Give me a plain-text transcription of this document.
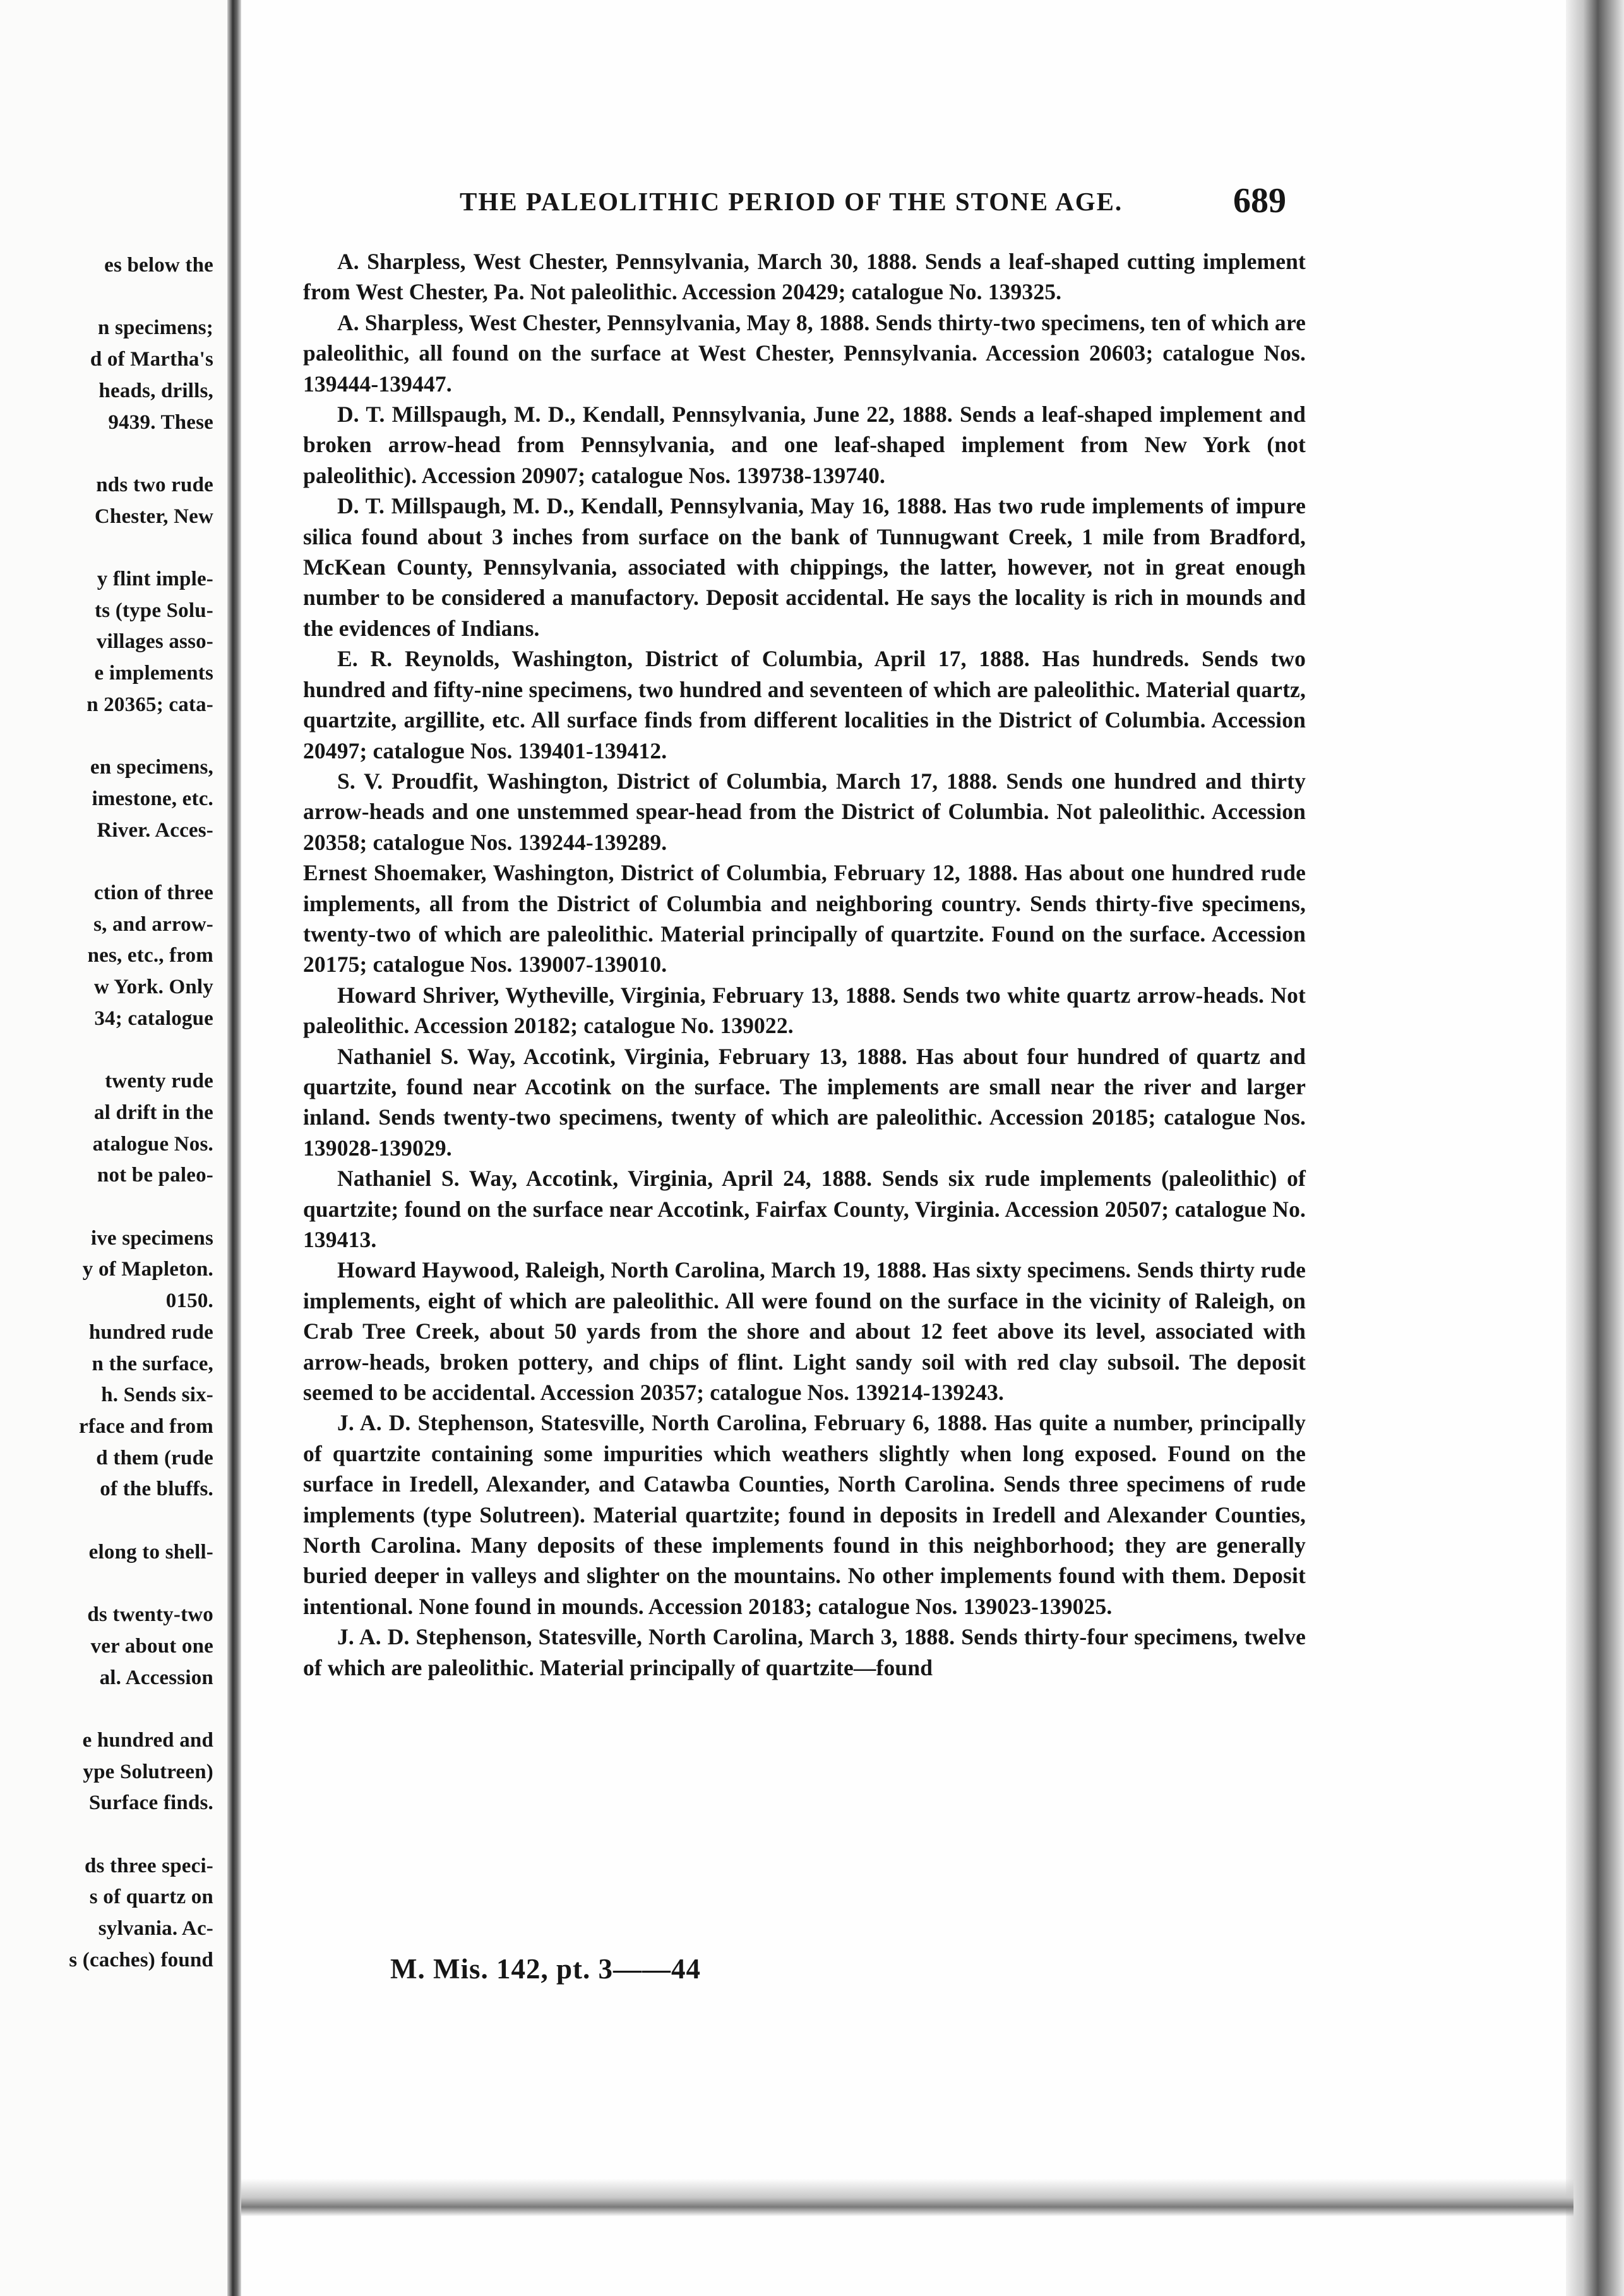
es below the
n specimens;
d of Martha's
heads, drills,
9439. These
nds two rude
Chester, New
y flint imple-
ts (type Solu-
villages asso-
e implements
n 20365; cata-
en specimens,
imestone, etc.
River. Acces-
ction of three
s, and arrow-
nes, etc., from
w York. Only
34; catalogue
twenty rude
al drift in the
atalogue Nos.
not be paleo-
ive specimens
y of Mapleton.
0150.
hundred rude
n the surface,
h. Sends six-
rface and from
d them (rude
of the bluffs.
elong to shell-
ds twenty-two
ver about one
al. Accession
e hundred and
ype Solutreen)
Surface finds.
ds three speci-
s of quartz on
sylvania. Ac-
s (caches) found
THE PALEOLITHIC PERIOD OF THE STONE AGE.	689

A. Sharpless, West Chester, Pennsylvania, March 30, 1888. Sends a leaf-shaped cutting implement from West Chester, Pa. Not paleolithic. Accession 20429; catalogue No. 139325.

A. Sharpless, West Chester, Pennsylvania, May 8, 1888. Sends thirty-two specimens, ten of which are paleolithic, all found on the surface at West Chester, Pennsylvania. Accession 20603; catalogue Nos. 139444-139447.

D. T. Millspaugh, M. D., Kendall, Pennsylvania, June 22, 1888. Sends a leaf-shaped implement and broken arrow-head from Pennsylvania, and one leaf-shaped implement from New York (not paleolithic). Accession 20907; catalogue Nos. 139738-139740.

D. T. Millspaugh, M. D., Kendall, Pennsylvania, May 16, 1888. Has two rude implements of impure silica found about 3 inches from surface on the bank of Tunnugwant Creek, 1 mile from Bradford, McKean County, Pennsylvania, associated with chippings, the latter, however, not in great enough number to be considered a manufactory. Deposit accidental. He says the locality is rich in mounds and the evidences of Indians.

E. R. Reynolds, Washington, District of Columbia, April 17, 1888. Has hundreds. Sends two hundred and fifty-nine specimens, two hundred and seventeen of which are paleolithic. Material quartz, quartzite, argillite, etc. All surface finds from different localities in the District of Columbia. Accession 20497; catalogue Nos. 139401-139412.

S. V. Proudfit, Washington, District of Columbia, March 17, 1888. Sends one hundred and thirty arrow-heads and one unstemmed spear-head from the District of Columbia. Not paleolithic. Accession 20358; catalogue Nos. 139244-139289.

Ernest Shoemaker, Washington, District of Columbia, February 12, 1888. Has about one hundred rude implements, all from the District of Columbia and neighboring country. Sends thirty-five specimens, twenty-two of which are paleolithic. Material principally of quartzite. Found on the surface. Accession 20175; catalogue Nos. 139007-139010.

Howard Shriver, Wytheville, Virginia, February 13, 1888. Sends two white quartz arrow-heads. Not paleolithic. Accession 20182; catalogue No. 139022.

Nathaniel S. Way, Accotink, Virginia, February 13, 1888. Has about four hundred of quartz and quartzite, found near Accotink on the surface. The implements are small near the river and larger inland. Sends twenty-two specimens, twenty of which are paleolithic. Accession 20185; catalogue Nos. 139028-139029.

Nathaniel S. Way, Accotink, Virginia, April 24, 1888. Sends six rude implements (paleolithic) of quartzite; found on the surface near Accotink, Fairfax County, Virginia. Accession 20507; catalogue No. 139413.

Howard Haywood, Raleigh, North Carolina, March 19, 1888. Has sixty specimens. Sends thirty rude implements, eight of which are paleolithic. All were found on the surface in the vicinity of Raleigh, on Crab Tree Creek, about 50 yards from the shore and about 12 feet above its level, associated with arrow-heads, broken pottery, and chips of flint. Light sandy soil with red clay subsoil. The deposit seemed to be accidental. Accession 20357; catalogue Nos. 139214-139243.

J. A. D. Stephenson, Statesville, North Carolina, February 6, 1888. Has quite a number, principally of quartzite containing some impurities which weathers slightly when long exposed. Found on the surface in Iredell, Alexander, and Catawba Counties, North Carolina. Sends three specimens of rude implements (type Solutreen). Material quartzite; found in deposits in Iredell and Alexander Counties, North Carolina. Many deposits of these implements found in this neighborhood; they are generally buried deeper in valleys and slighter on the mountains. No other implements found with them. Deposit intentional. None found in mounds. Accession 20183; catalogue Nos. 139023-139025.

J. A. D. Stephenson, Statesville, North Carolina, March 3, 1888. Sends thirty-four specimens, twelve of which are paleolithic. Material principally of quartzite—found

M. Mis. 142, pt. 3——44
